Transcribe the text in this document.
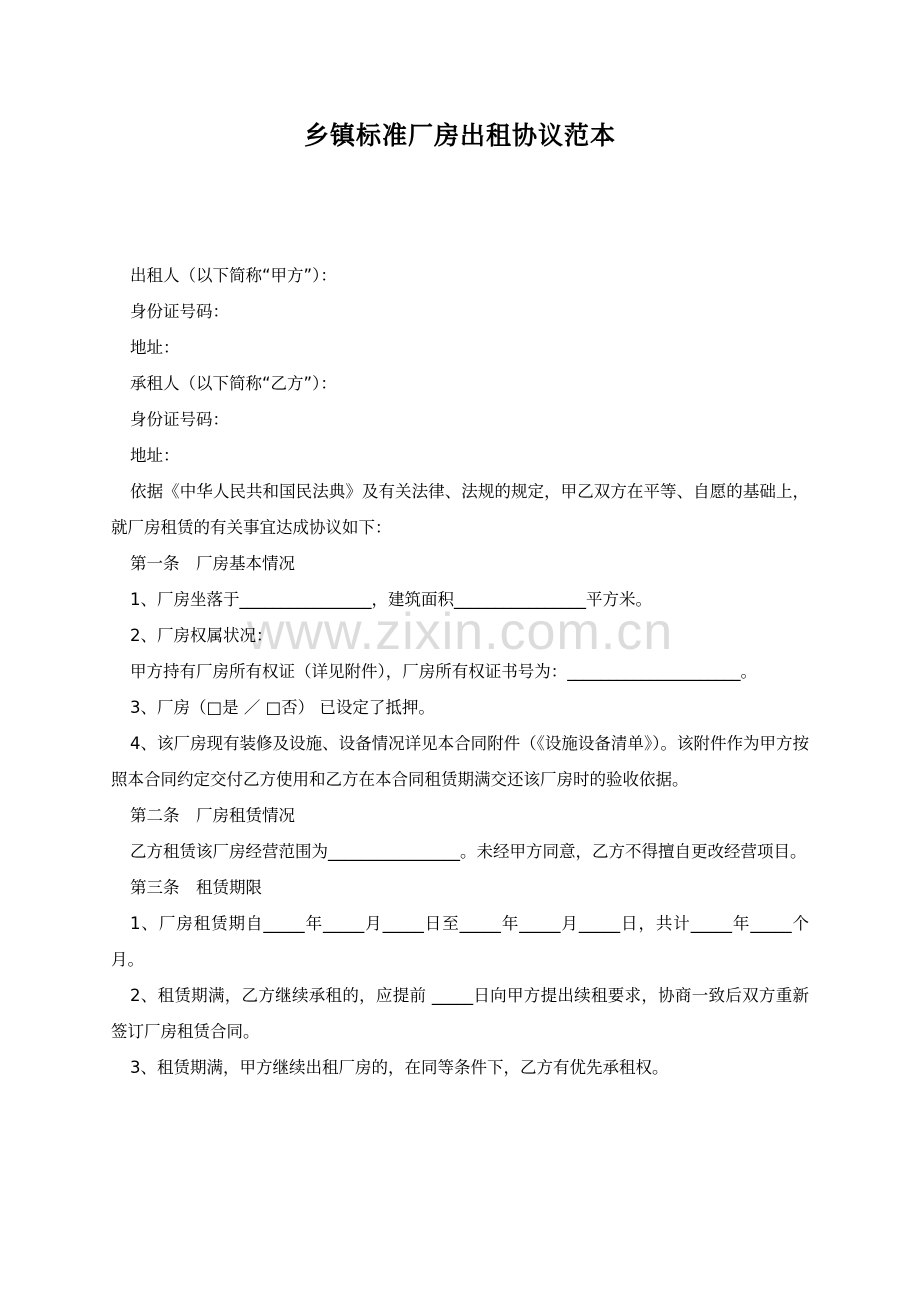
乡镇标准厂房出租协议范本
www.zixin.com.cn

出租人（以下简称“甲方”）：

身份证号码：

地址：

承租人（以下简称“乙方”）：

身份证号码：

地址：

依据《中华人民共和国民法典》及有关法律、法规的规定，甲乙双方在平等、自愿的基础上，就厂房租赁的有关事宜达成协议如下：

第一条　厂房基本情况

1、厂房坐落于________________，建筑面积________________平方米。

2、厂房权属状况：

甲方持有厂房所有权证（详见附件），厂房所有权证书号为：_____________________。

3、厂房（□是 ／ □否） 已设定了抵押。

4、该厂房现有装修及设施、设备情况详见本合同附件（《设施设备清单》）。该附件作为甲方按照本合同约定交付乙方使用和乙方在本合同租赁期满交还该厂房时的验收依据。

第二条　厂房租赁情况

乙方租赁该厂房经营范围为________________。未经甲方同意，乙方不得擅自更改经营项目。

第三条　租赁期限

1、厂房租赁期自_____年_____月_____日至_____年_____月_____日，共计_____年_____个月。

2、租赁期满，乙方继续承租的，应提前 _____日向甲方提出续租要求，协商一致后双方重新签订厂房租赁合同。

3、租赁期满，甲方继续出租厂房的，在同等条件下，乙方有优先承租权。
